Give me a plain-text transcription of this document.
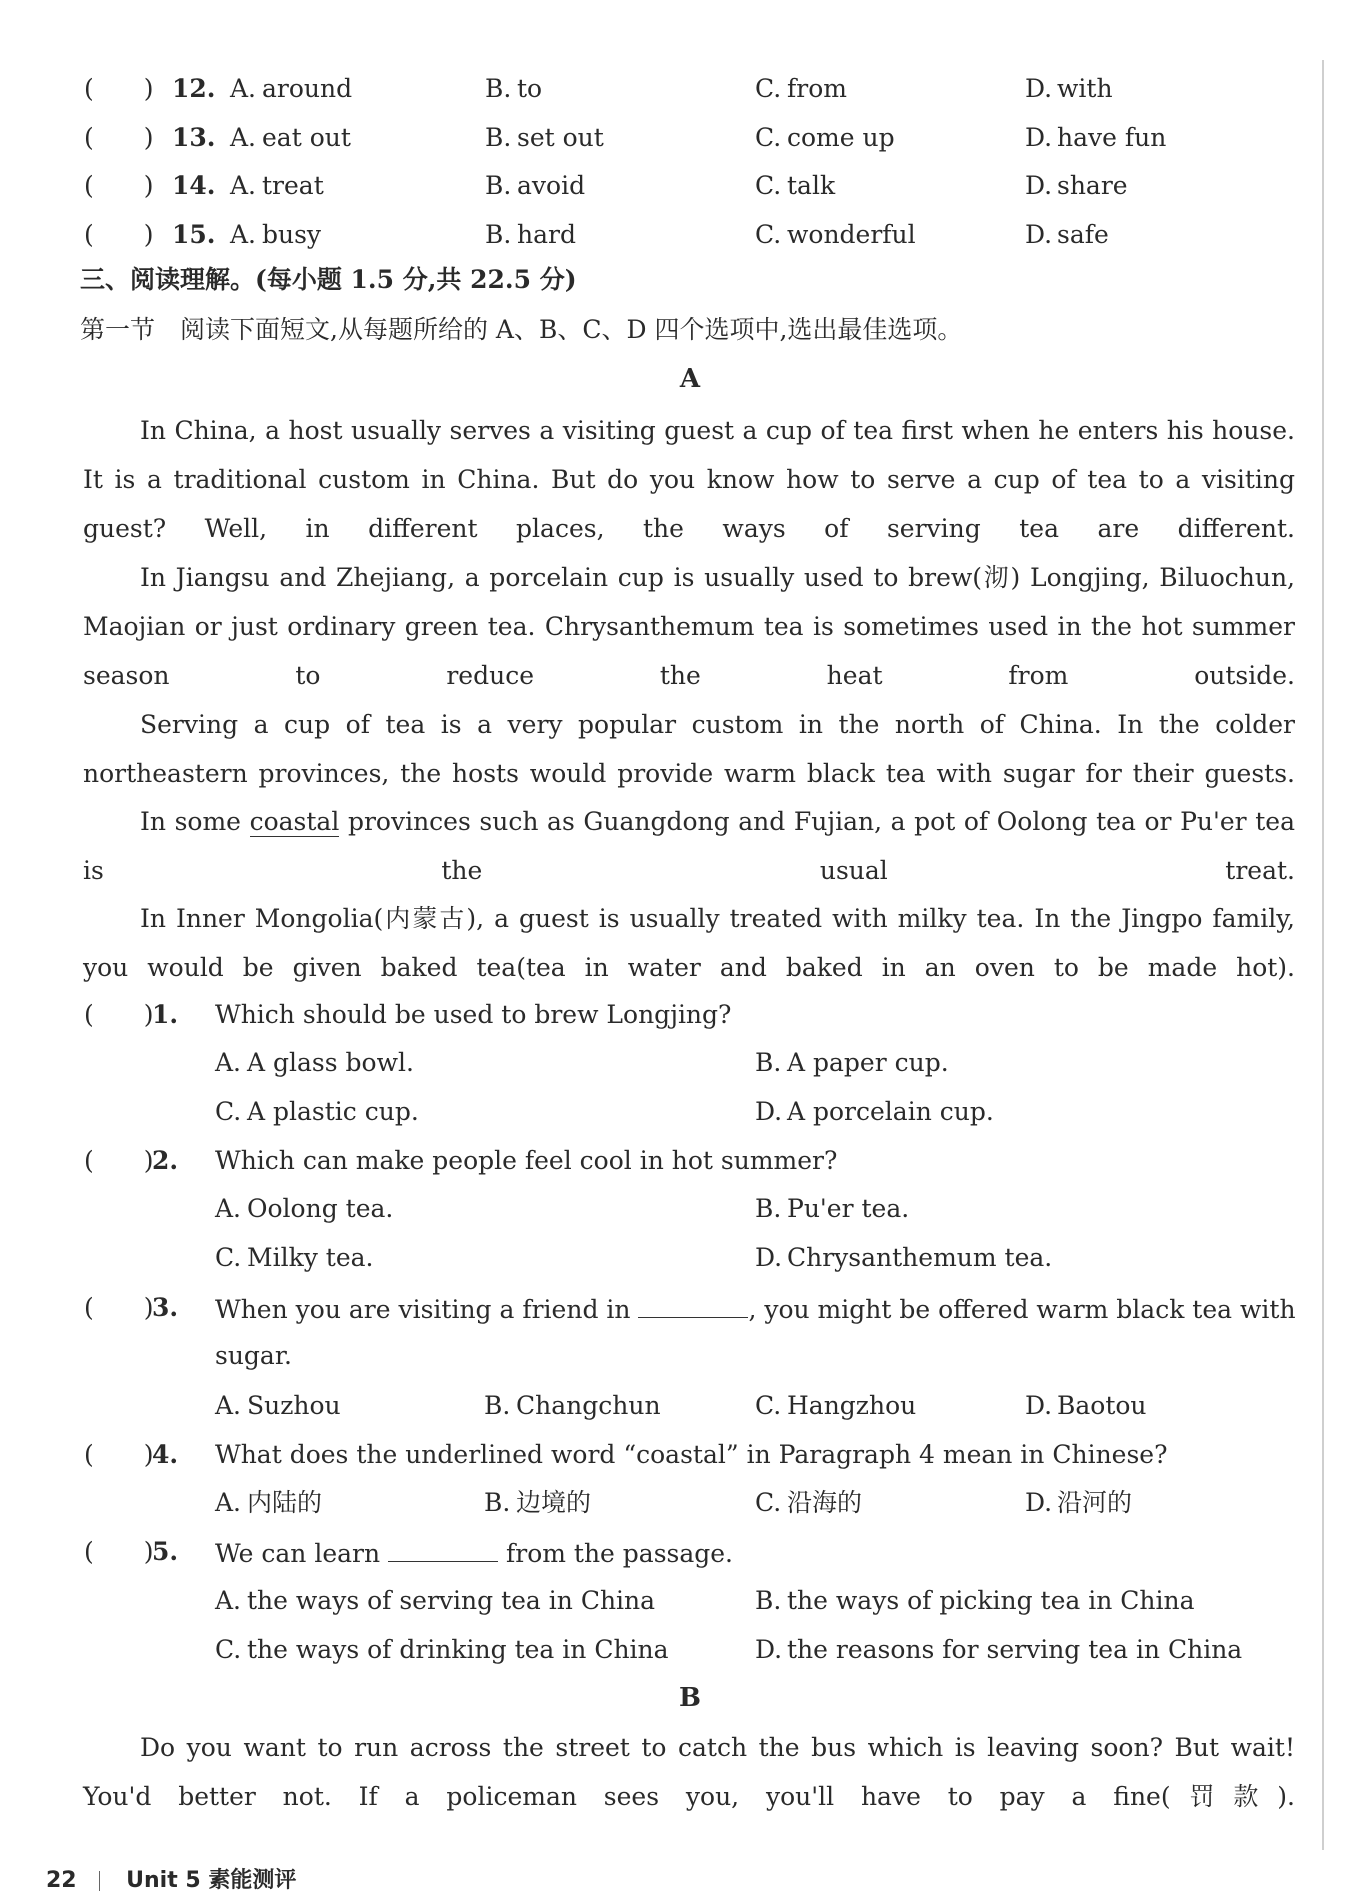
(　　) 12. A. around	B. to	C. from	D. with
(　　) 13. A. eat out	B. set out	C. come up	D. have fun
(　　) 14. A. treat	B. avoid	C. talk	D. share
(　　) 15. A. busy	B. hard	C. wonderful	D. safe
三、阅读理解。(每小题 1.5 分,共 22.5 分)
第一节　阅读下面短文,从每题所给的 A、B、C、D 四个选项中,选出最佳选项。
A
In China, a host usually serves a visiting guest a cup of tea first when he enters his house. It is a traditional custom in China. But do you know how to serve a cup of tea to a visiting guest? Well, in different places, the ways of serving tea are different.
In Jiangsu and Zhejiang, a porcelain cup is usually used to brew(沏) Longjing, Biluochun, Maojian or just ordinary green tea. Chrysanthemum tea is sometimes used in the hot summer season to reduce the heat from outside.
Serving a cup of tea is a very popular custom in the north of China. In the colder northeastern provinces, the hosts would provide warm black tea with sugar for their guests.
In some coastal provinces such as Guangdong and Fujian, a pot of Oolong tea or Pu'er tea is the usual treat.
In Inner Mongolia(内蒙古), a guest is usually treated with milky tea. In the Jingpo family, you would be given baked tea(tea in water and baked in an oven to be made hot).
(　　)
1. Which should be used to brew Longjing?
A. A glass bowl.	B. A paper cup.
C. A plastic cup.	D. A porcelain cup.
(　　)
2. Which can make people feel cool in hot summer?
A. Oolong tea.	B. Pu'er tea.
C. Milky tea.	D. Chrysanthemum tea.
(　　)
3. When you are visiting a friend in	, you might be offered warm black tea with
sugar.
A. Suzhou	B. Changchun	C. Hangzhou	D. Baotou
(　　)
4. What does the underlined word “coastal” in Paragraph 4 mean in Chinese?
A. 内陆的	B. 边境的	C. 沿海的	D. 沿河的
(　　)
5. We can learn	from the passage.
A. the ways of serving tea in China	B. the ways of picking tea in China
C. the ways of drinking tea in China	D. the reasons for serving tea in China
B
Do you want to run across the street to catch the bus which is leaving soon? But wait! You'd better not. If a policeman sees you, you'll have to pay a fine(罚款).
22 Unit 5 素能测评
